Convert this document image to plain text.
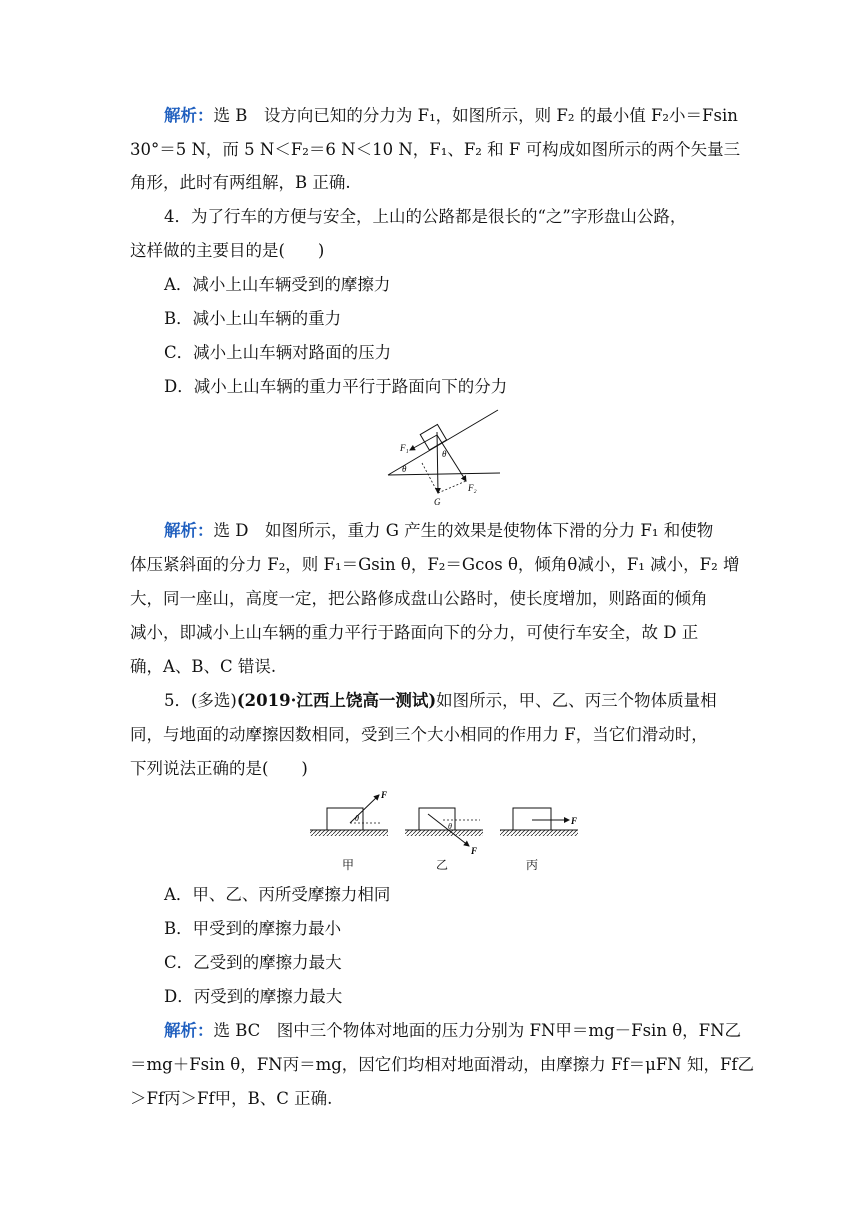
解析：选 B　设方向已知的分力为 F₁，如图所示，则 F₂ 的最小值 F₂小＝Fsin
30°＝5 N，而 5 N＜F₂＝6 N＜10 N，F₁、F₂ 和 F 可构成如图所示的两个矢量三
角形，此时有两组解，B 正确.
4．为了行车的方便与安全，上山的公路都是很长的“之”字形盘山公路，
这样做的主要目的是(　　)
A．减小上山车辆受到的摩擦力
B．减小上山车辆的重力
C．减小上山车辆对路面的压力
D．减小上山车辆的重力平行于路面向下的分力
F₁
θ
θ
G
F₂
解析：选 D　如图所示，重力 G 产生的效果是使物体下滑的分力 F₁ 和使物
体压紧斜面的分力 F₂，则 F₁＝Gsin θ，F₂＝Gcos θ，倾角θ减小，F₁ 减小，F₂ 增
大，同一座山，高度一定，把公路修成盘山公路时，使长度增加，则路面的倾角
减小，即减小上山车辆的重力平行于路面向下的分力，可使行车安全，故 D 正
确，A、B、C 错误.
5．(多选)(2019·江西上饶高一测试)如图所示，甲、乙、丙三个物体质量相
同，与地面的动摩擦因数相同，受到三个大小相同的作用力 F，当它们滑动时，
下列说法正确的是(　　)
F
θ
F
θ
F
甲	乙	丙
A．甲、乙、丙所受摩擦力相同
B．甲受到的摩擦力最小
C．乙受到的摩擦力最大
D．丙受到的摩擦力最大
解析：选 BC　图中三个物体对地面的压力分别为 FN甲＝mg－Fsin θ，FN乙
＝mg＋Fsin θ，FN丙＝mg，因它们均相对地面滑动，由摩擦力 Ff＝μFN 知，Ff乙
＞Ff丙＞Ff甲，B、C 正确.
